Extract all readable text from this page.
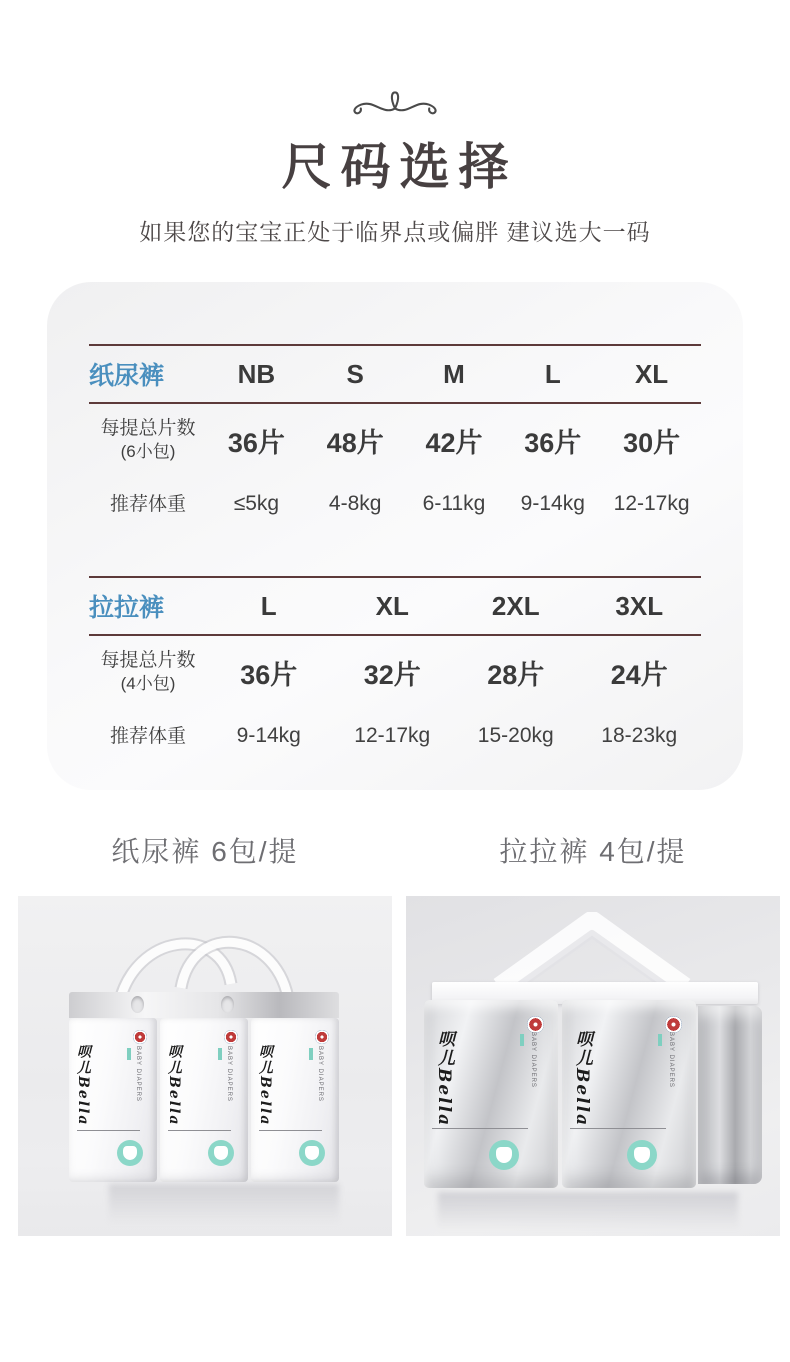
尺码选择

如果您的宝宝正处于临界点或偏胖 建议选大一码

纸尿裤	NB	S	M	L	XL
每提总片数
(6小包)	36片	48片	42片	36片	30片
推荐体重	≤5kg	4-8kg	6-11kg	9-14kg	12-17kg
拉拉裤	L	XL	2XL	3XL
每提总片数
(4小包)	36片	32片	28片	24片
推荐体重	9-14kg	12-17kg	15-20kg	18-23kg
纸尿裤 6包/提	拉拉裤 4包/提
呗儿Bella	BABY DIAPERS 呗儿Bella	BABY DIAPERS 呗儿Bella	BABY DIAPERS	呗儿Bella	BABY DIAPERS 呗儿Bella	BABY DIAPERS
